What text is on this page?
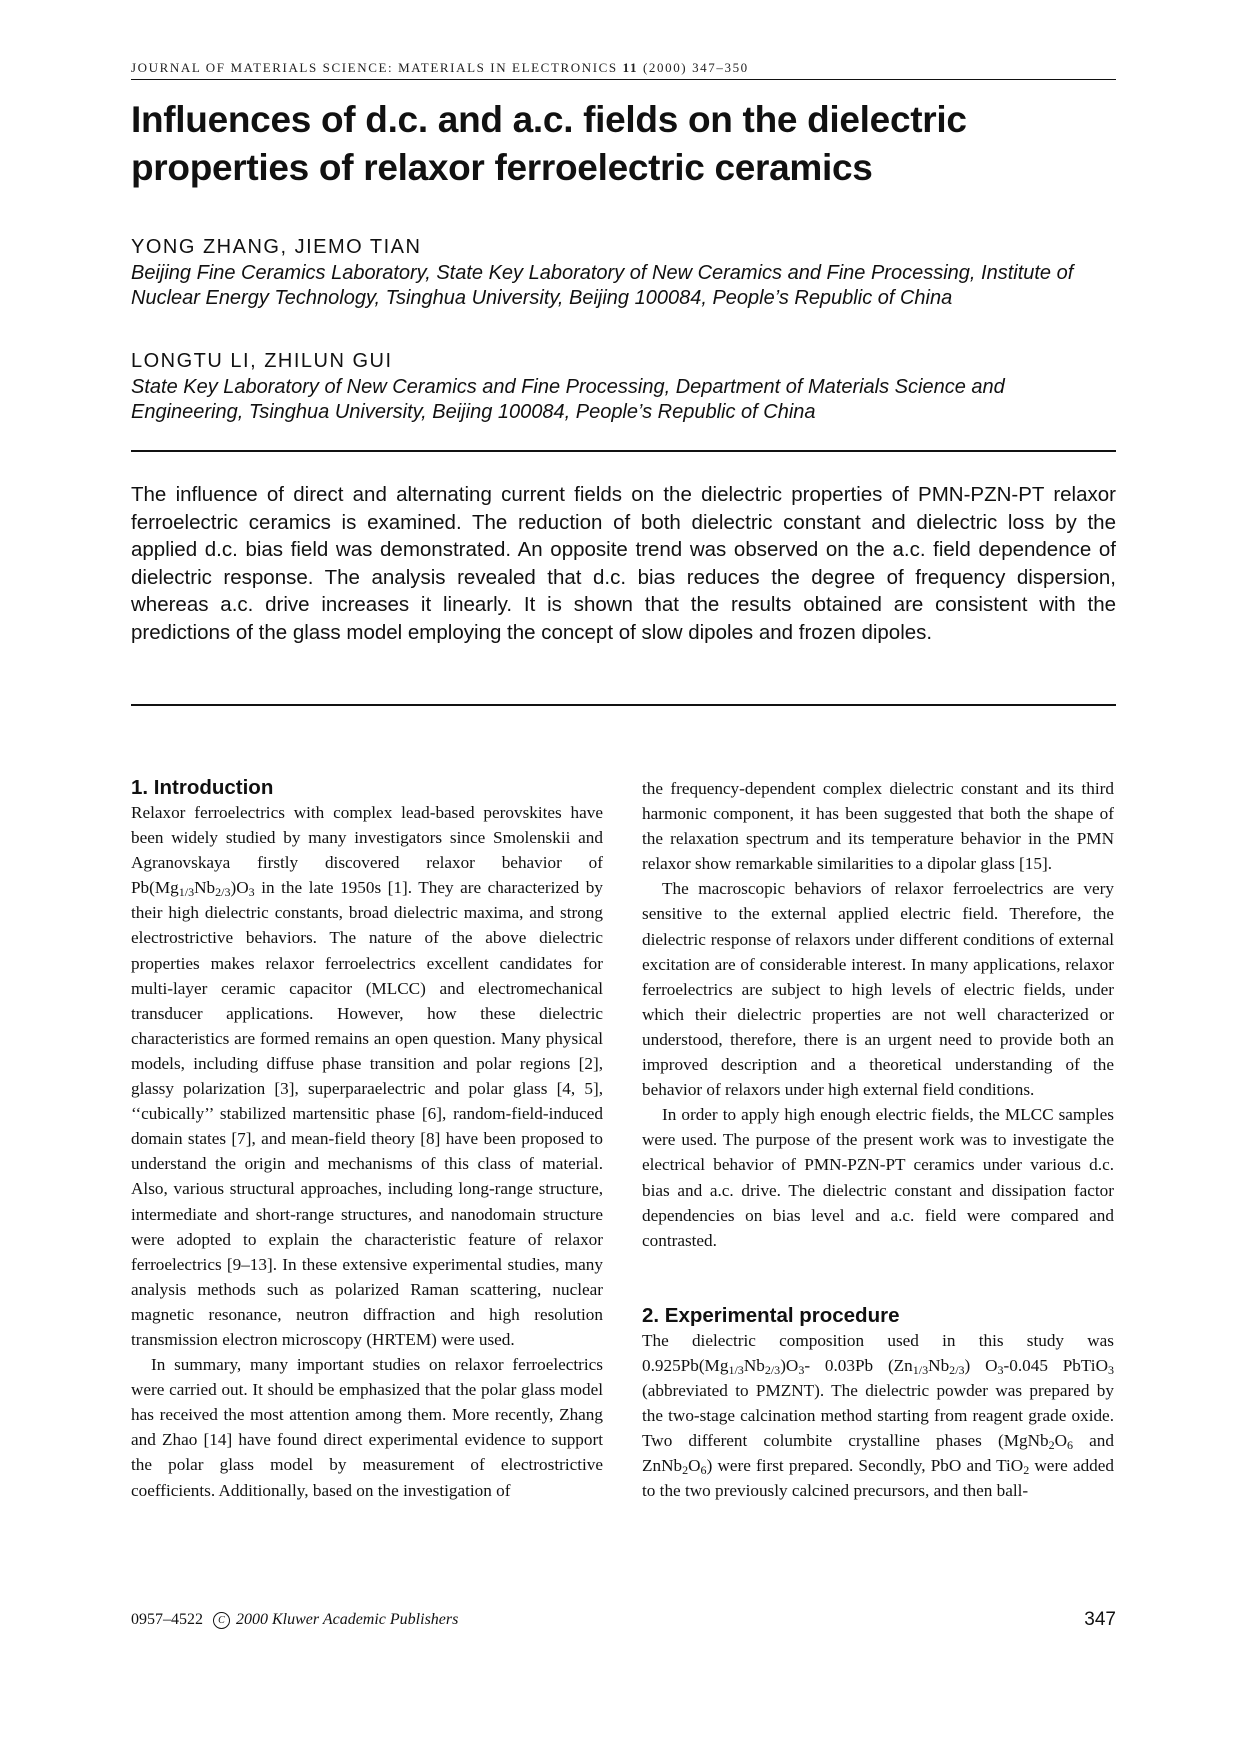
JOURNAL OF MATERIALS SCIENCE: MATERIALS IN ELECTRONICS 11 (2000) 347–350
Influences of d.c. and a.c. fields on the dielectric properties of relaxor ferroelectric ceramics
YONG ZHANG, JIEMO TIAN
Beijing Fine Ceramics Laboratory, State Key Laboratory of New Ceramics and Fine Processing, Institute of Nuclear Energy Technology, Tsinghua University, Beijing 100084, People’s Republic of China
LONGTU LI, ZHILUN GUI
State Key Laboratory of New Ceramics and Fine Processing, Department of Materials Science and Engineering, Tsinghua University, Beijing 100084, People’s Republic of China

The influence of direct and alternating current fields on the dielectric properties of PMN-PZN-PT relaxor ferroelectric ceramics is examined. The reduction of both dielectric constant and dielectric loss by the applied d.c. bias field was demonstrated. An opposite trend was observed on the a.c. field dependence of dielectric response. The analysis revealed that d.c. bias reduces the degree of frequency dispersion, whereas a.c. drive increases it linearly. It is shown that the results obtained are consistent with the predictions of the glass model employing the concept of slow dipoles and frozen dipoles.

1. Introduction

Relaxor ferroelectrics with complex lead-based perovskites have been widely studied by many investigators since Smolenskii and Agranovskaya firstly discovered relaxor behavior of $Pb(Mg_{1/3}Nb_{2/3})O_3$ in the late 1950s [1]. They are characterized by their high dielectric constants, broad dielectric maxima, and strong electrostrictive behaviors. The nature of the above dielectric properties makes relaxor ferroelectrics excellent candidates for multi-layer ceramic capacitor (MLCC) and electromechanical transducer applications. However, how these dielectric characteristics are formed remains an open question. Many physical models, including diffuse phase transition and polar regions [2], glassy polarization [3], superparaelectric and polar glass [4, 5], ‘‘cubically’’ stabilized martensitic phase [6], random-field-induced domain states [7], and mean-field theory [8] have been proposed to understand the origin and mechanisms of this class of material. Also, various structural approaches, including long-range structure, intermediate and short-range structures, and nanodomain structure were adopted to explain the characteristic feature of relaxor ferroelectrics [9–13]. In these extensive experimental studies, many analysis methods such as polarized Raman scattering, nuclear magnetic resonance, neutron diffraction and high resolution transmission electron microscopy (HRTEM) were used.

In summary, many important studies on relaxor ferroelectrics were carried out. It should be emphasized that the polar glass model has received the most attention among them. More recently, Zhang and Zhao [14] have found direct experimental evidence to support the polar glass model by measurement of electrostrictive coefficients. Additionally, based on the investigation of

the frequency-dependent complex dielectric constant and its third harmonic component, it has been suggested that both the shape of the relaxation spectrum and its temperature behavior in the PMN relaxor show remarkable similarities to a dipolar glass [15].

The macroscopic behaviors of relaxor ferroelectrics are very sensitive to the external applied electric field. Therefore, the dielectric response of relaxors under different conditions of external excitation are of considerable interest. In many applications, relaxor ferroelectrics are subject to high levels of electric fields, under which their dielectric properties are not well characterized or understood, therefore, there is an urgent need to provide both an improved description and a theoretical understanding of the behavior of relaxors under high external field conditions.

In order to apply high enough electric fields, the MLCC samples were used. The purpose of the present work was to investigate the electrical behavior of PMN-PZN-PT ceramics under various d.c. bias and a.c. drive. The dielectric constant and dissipation factor dependencies on bias level and a.c. field were compared and contrasted.

2. Experimental procedure

The dielectric composition used in this study was $0.925Pb(Mg_{1/3}Nb_{2/3})O_3-$ 0.03Pb $(Zn_{1/3}Nb_{2/3})$ $O_3-0.045$ PbTiO$_3$ (abbreviated to PMZNT). The dielectric powder was prepared by the two-stage calcination method starting from reagent grade oxide. Two different columbite crystalline phases ($MgNb_2O_6$ and $ZnNb_2O_6$) were first prepared. Secondly, PbO and TiO$_2$ were added to the two previously calcined precursors, and then ball-

0957–4522 C 2000 Kluwer Academic Publishers	347
